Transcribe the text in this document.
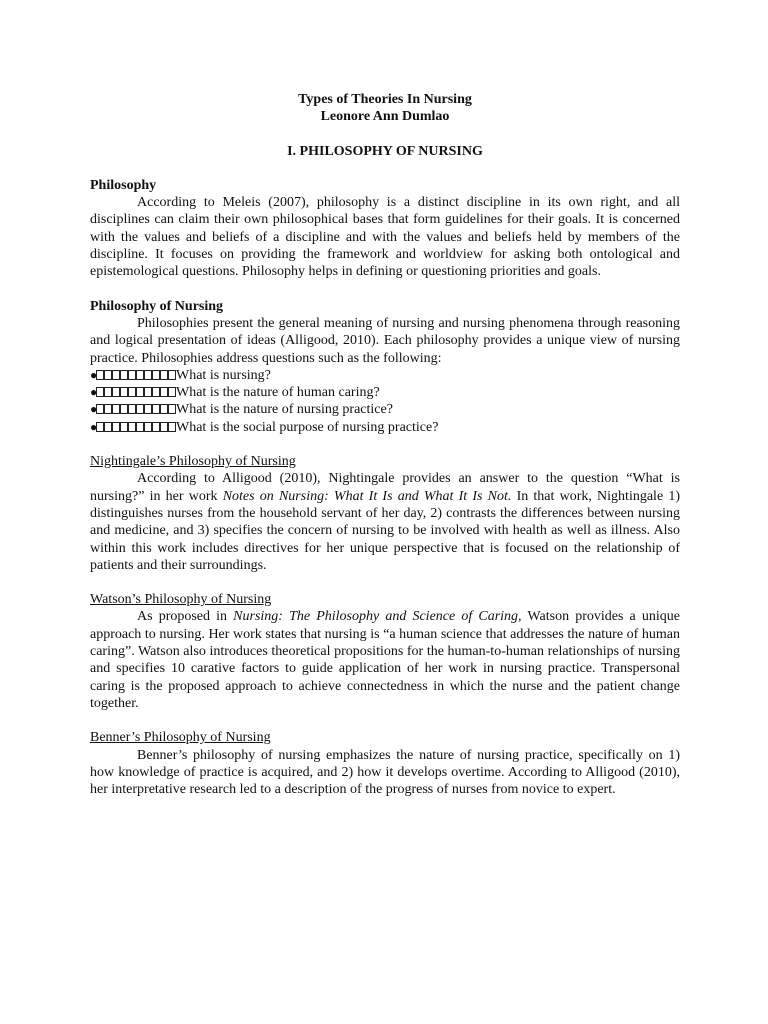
Types of Theories In Nursing
Leonore Ann Dumlao
I. PHILOSOPHY OF NURSING
Philosophy

According to Meleis (2007), philosophy is a distinct discipline in its own right, and all disciplines can claim their own philosophical bases that form guidelines for their goals. It is concerned with the values and beliefs of a discipline and with the values and beliefs held by members of the discipline. It focuses on providing the framework and worldview for asking both ontological and epistemological questions. Philosophy helps in defining or questioning priorities and goals.

Philosophy of Nursing

Philosophies present the general meaning of nursing and nursing phenomena through reasoning and logical presentation of ideas (Alligood, 2010). Each philosophy provides a unique view of nursing practice. Philosophies address questions such as the following:

●	What is nursing?
●	What is the nature of human caring?
●	What is the nature of nursing practice?
●	What is the social purpose of nursing practice?
Nightingale’s Philosophy of Nursing

According to Alligood (2010), Nightingale provides an answer to the question “What is nursing?” in her work Notes on Nursing: What It Is and What It Is Not. In that work, Nightingale 1) distinguishes nurses from the household servant of her day, 2) contrasts the differences between nursing and medicine, and 3) specifies the concern of nursing to be involved with health as well as illness. Also within this work includes directives for her unique perspective that is focused on the relationship of patients and their surroundings.

Watson’s Philosophy of Nursing

As proposed in Nursing: The Philosophy and Science of Caring, Watson provides a unique approach to nursing. Her work states that nursing is “a human science that addresses the nature of human caring”. Watson also introduces theoretical propositions for the human-to-human relationships of nursing and specifies 10 carative factors to guide application of her work in nursing practice. Transpersonal caring is the proposed approach to achieve connectedness in which the nurse and the patient change together.

Benner’s Philosophy of Nursing

Benner’s philosophy of nursing emphasizes the nature of nursing practice, specifically on 1) how knowledge of practice is acquired, and 2) how it develops overtime. According to Alligood (2010), her interpretative research led to a description of the progress of nurses from novice to expert.
